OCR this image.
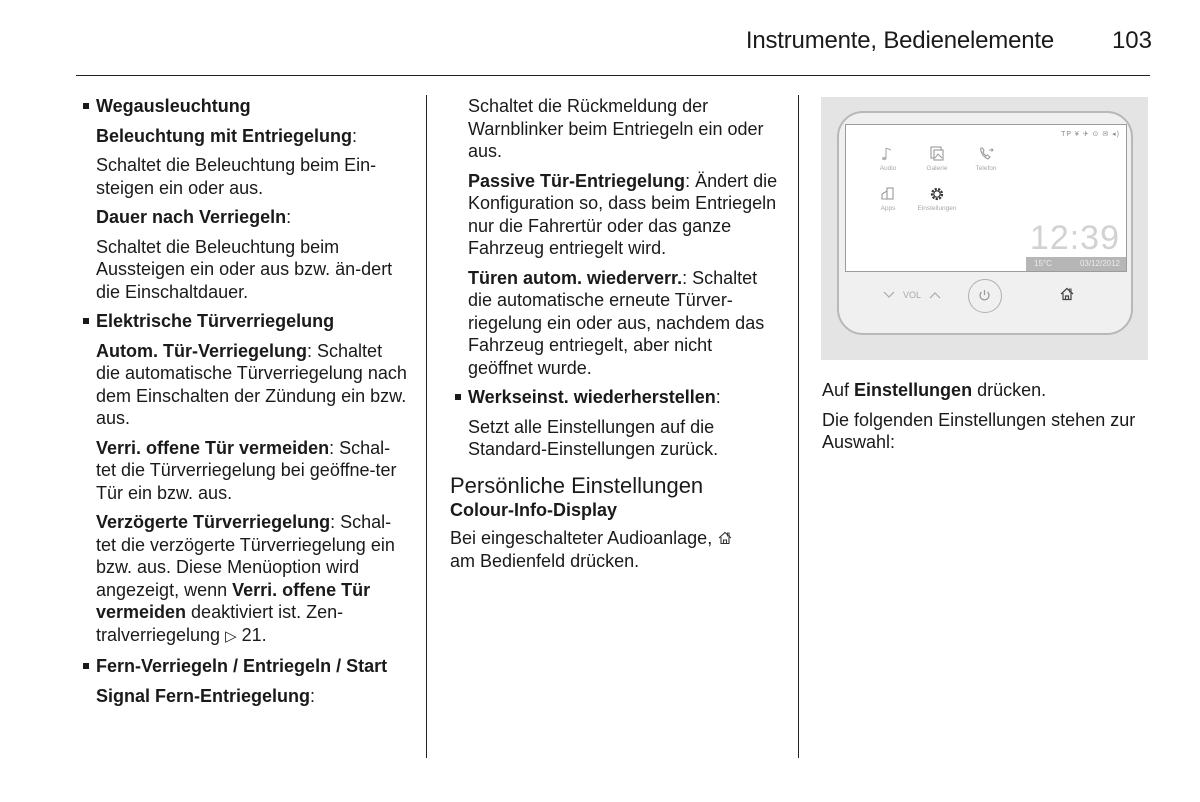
Instrumente, Bedienelemente 103

Wegausleuchtung

Beleuchtung mit Entriegelung:

Schaltet die Beleuchtung beim Ein-steigen ein oder aus.

Dauer nach Verriegeln:

Schaltet die Beleuchtung beim Aussteigen ein oder aus bzw. än-dert die Einschaltdauer.

Elektrische Türverriegelung

Autom. Tür-Verriegelung: Schaltet die automatische Türverriegelung nach dem Einschalten der Zündung ein bzw. aus.

Verri. offene Tür vermeiden: Schal-tet die Türverriegelung bei geöffne-ter Tür ein bzw. aus.

Verzögerte Türverriegelung: Schal-tet die verzögerte Türverriegelung ein bzw. aus. Diese Menüoption wird angezeigt, wenn Verri. offene Tür vermeiden deaktiviert ist. Zen-tralverriegelung ▷ 21.

Fern-Verriegeln / Entriegeln / Start

Signal Fern-Entriegelung:

Schaltet die Rückmeldung der Warnblinker beim Entriegeln ein oder aus.

Passive Tür-Entriegelung: Ändert die Konfiguration so, dass beim Entriegeln nur die Fahrertür oder das ganze Fahrzeug entriegelt wird.

Türen autom. wiederverr.: Schaltet die automatische erneute Türver-riegelung ein oder aus, nachdem das Fahrzeug entriegelt, aber nicht geöffnet wurde.

Werkseinst. wiederherstellen:

Setzt alle Einstellungen auf die Standard-Einstellungen zurück.

Persönliche Einstellungen
Colour-Info-Display

Bei eingeschalteter Audioanlage,
am Bedienfeld drücken.

TP ¥ ✈ ⊙ ✉ ◂)
Audio	Galerie	Telefon
Apps	Einstellungen
12:39
15°C	03/12/2012
VOL

Auf Einstellungen drücken.

Die folgenden Einstellungen stehen zur Auswahl:
